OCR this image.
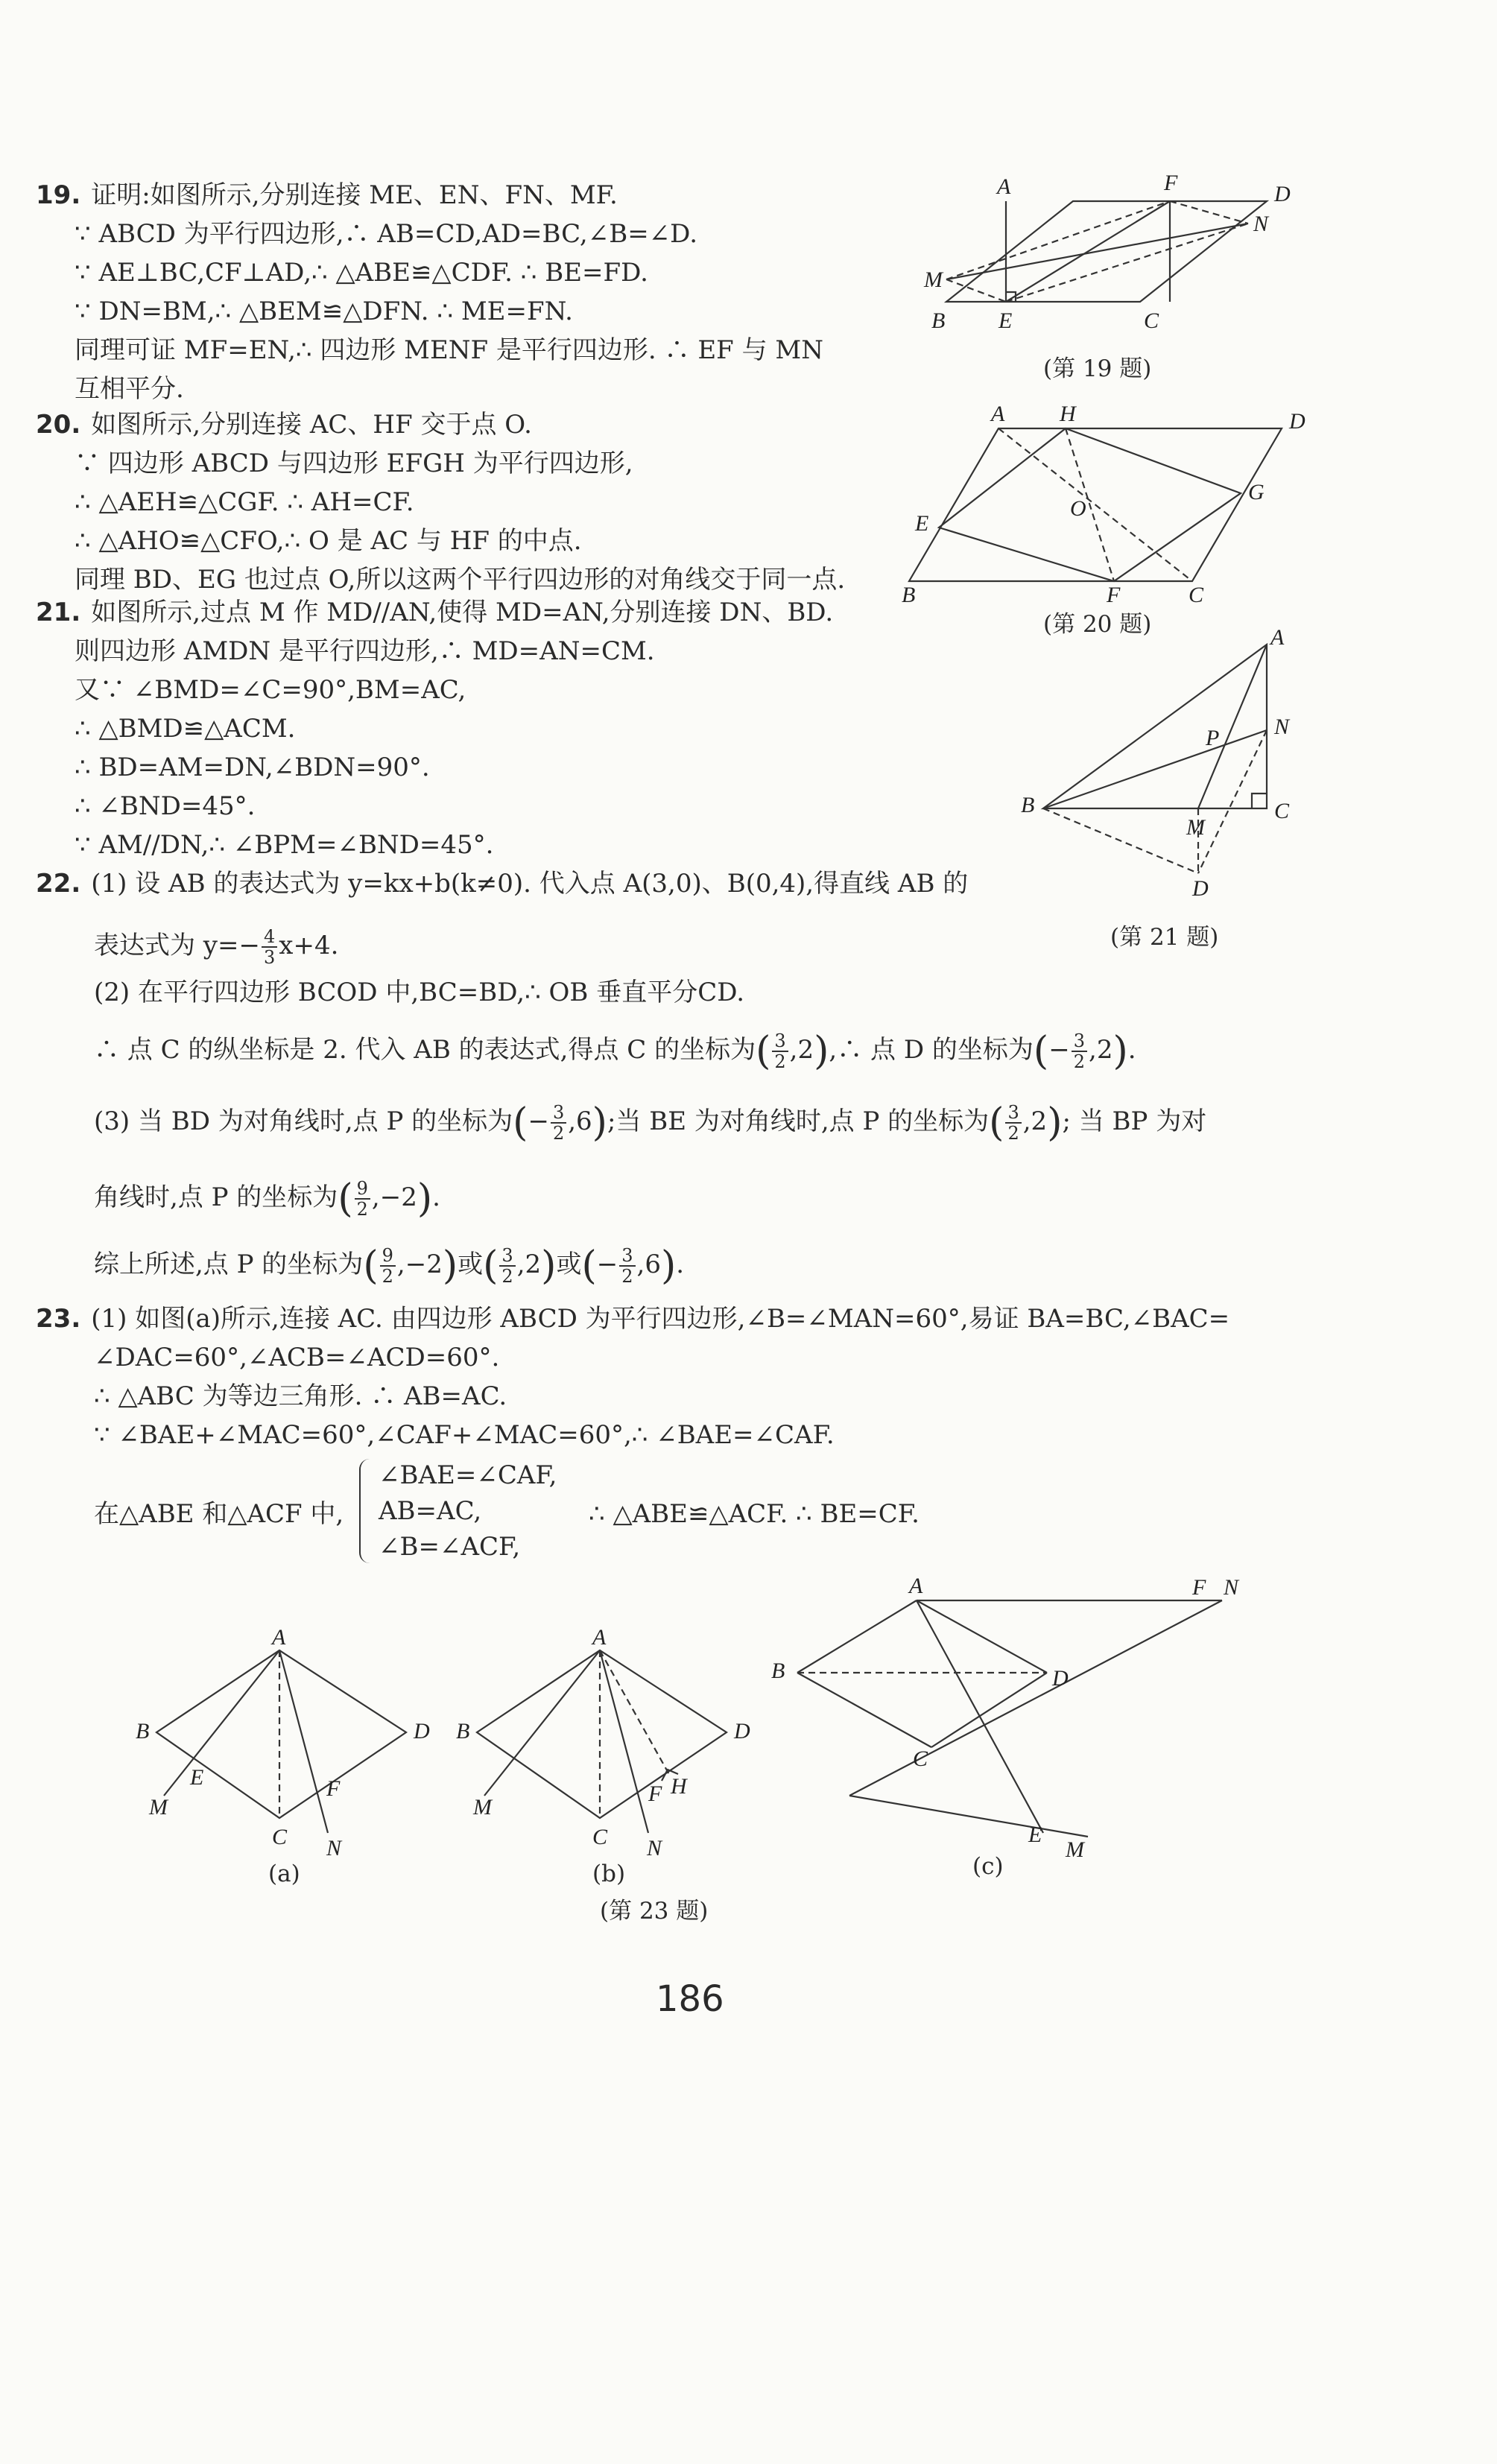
19. 证明:如图所示,分别连接 ME、EN、FN、MF.
∵ ABCD 为平行四边形,∴ AB=CD,AD=BC,∠B=∠D.
∵ AE⊥BC,CF⊥AD,∴ △ABE≌△CDF. ∴ BE=FD.
∵ DN=BM,∴ △BEM≌△DFN. ∴ ME=FN.
同理可证 MF=EN,∴ 四边形 MENF 是平行四边形. ∴ EF 与 MN
互相平分.
A	F	D
N
M
B E	C
(第 19 题)
20. 如图所示,分别连接 AC、HF 交于点 O.
∵ 四边形 ABCD 与四边形 EFGH 为平行四边形,
∴ △AEH≌△CGF. ∴ AH=CF.
∴ △AHO≌△CFO,∴ O 是 AC 与 HF 的中点.
同理 BD、EG 也过点 O,所以这两个平行四边形的对角线交于同一点.
A H	D
E
O
G
B	F	C
(第 20 题)
21. 如图所示,过点 M 作 MD//AN,使得 MD=AN,分别连接 DN、BD.
则四边形 AMDN 是平行四边形,∴ MD=AN=CM.
又∵ ∠BMD=∠C=90°,BM=AC,
∴ △BMD≌△ACM.
∴ BD=AM=DN,∠BDN=90°.
∴ ∠BND=45°.
∵ AM//DN,∴ ∠BPM=∠BND=45°.
A
P N
B
M
C
D
(第 21 题)
22. (1) 设 AB 的表达式为 y=kx+b(k≠0). 代入点 A(3,0)、B(0,4),得直线 AB 的
表达式为 $y=- \frac{4}{3} x+4$.
(2) 在平行四边形 BCOD 中,BC=BD,∴ OB 垂直平分CD.
∴ 点 C 的纵坐标是 2. 代入 AB 的表达式,得点 C 的坐标为( $\frac{3}{2}$ ,2),∴ 点 D 的坐标为(− $\frac{3}{2} ,2$).
(3) 当 BD 为对角线时,点 P 的坐标为(− $\frac{3}{2} ,6$);当 BE 为对角线时,点 P 的坐标为( $\frac{3}{2} ,2$); 当 BP 为对
角线时,点 P 的坐标为( $\frac{9}{2} ,-2$).
综上所述,点 P 的坐标为( $\frac{9}{2} ,-2$)或( $\frac{3}{2} ,2$)或(− $\frac{3}{2} ,6$).
23. (1) 如图(a)所示,连接 AC. 由四边形 ABCD 为平行四边形,∠B=∠MAN=60°,易证 BA=BC,∠BAC=
∠DAC=60°,∠ACB=∠ACD=60°.
∴ △ABC 为等边三角形. ∴ AB=AC.
∵ ∠BAE+∠MAC=60°,∠CAF+∠MAC=60°,∴ ∠BAE=∠CAF.
在△ABE 和△ACF 中,
∠BAE=∠CAF,
AB=AC,
∠B=∠ACF,
∴ △ABE≌△ACF. ∴ BE=CF.
A
B	D
E
M
F
C N
(a)
A
B	D
M
F H
C N
(b)
A	F N
B	D
C
E
M
(c)
(第 23 题)
186
